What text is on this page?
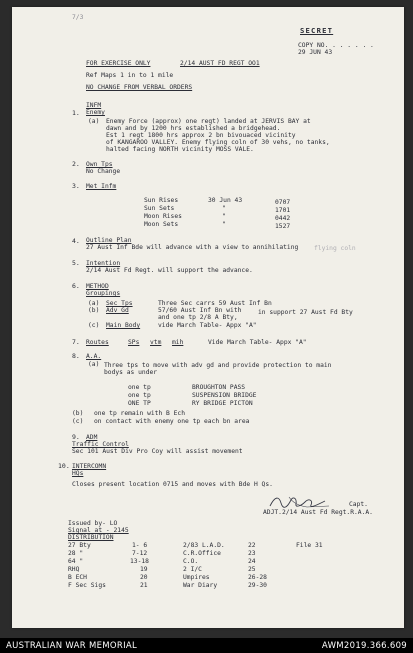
7/3
SECRET
COPY NO. . . . . . .
29 JUN 43
FOR EXERCISE ONLY	2/14 AUST FD REGT OO1
Ref Maps 1 in to 1 mile
NO CHANGE FROM VERBAL ORDERS
1.
INFM
Enemy
(a) Enemy Force (approx) one regt) landed at JERVIS BAY at
dawn and by 1200 hrs established a bridgehead.
Est 1 regt 1800 hrs approx 2 bn bivouaced vicinity
of KANGAROO VALLEY. Enemy flying coln of 30 vehs, no tanks,
halted facing NORTH vicinity MOSS VALE.
2. Own Tps
No Change
3. Met Infm
Sun Rises	30 Jun 43	0707
Sun Sets	"	1701
Moon Rises	"	0442
Moon Sets	"	1527
4. Outline Plan
27 Aust Inf Bde will advance with a view to annihilating flying coln
5. Intention
2/14 Aust Fd Regt. will support the advance.
6. METHOD
Groupings
(a) Sec Tps	Three Sec carrs 59 Aust Inf Bn
(b) Adv Gd	57/60 Aust Inf Bn with	in support 27 Aust Fd Bty
and one tp 2/8 A Bty,
(c) Main Body	vide March Table- Appx "A"
7. Routes	SPs vtm mih	Vide March Table- Appx "A"
8. A.A.
(a) Three tps to move with adv gd and provide protection to main
bodys as under
one tp	BROUGHTON PASS
one tp	SUSPENSION BRIDGE
ONE TP	RY BRIDGE PICTON
(b) one tp remain with B Ech
(c) on contact with enemy one tp each bn area
9. ADM
Traffic Control
Sec 101 Aust Div Pro Coy will assist movement
10. INTERCOMN
HQs
Closes present location 0715 and moves with Bde H Qs.
Capt.
ADJT.2/14 Aust Fd Regt.R.A.A.
Issued by- LO
Signal at - 2145
DISTRIBUTION
27 Bty	1- 6
28 "	7-12
64 "	13-18
RHQ	19
B ECH	20
F Sec Sigs	21
2/83 L.A.D.	22
C.R.Office	23
C.O.	24
2 I/C	25
Umpires	26-28
War Diary	29-30
File 31
AUSTRALIAN WAR MEMORIAL	AWM2019.366.609
